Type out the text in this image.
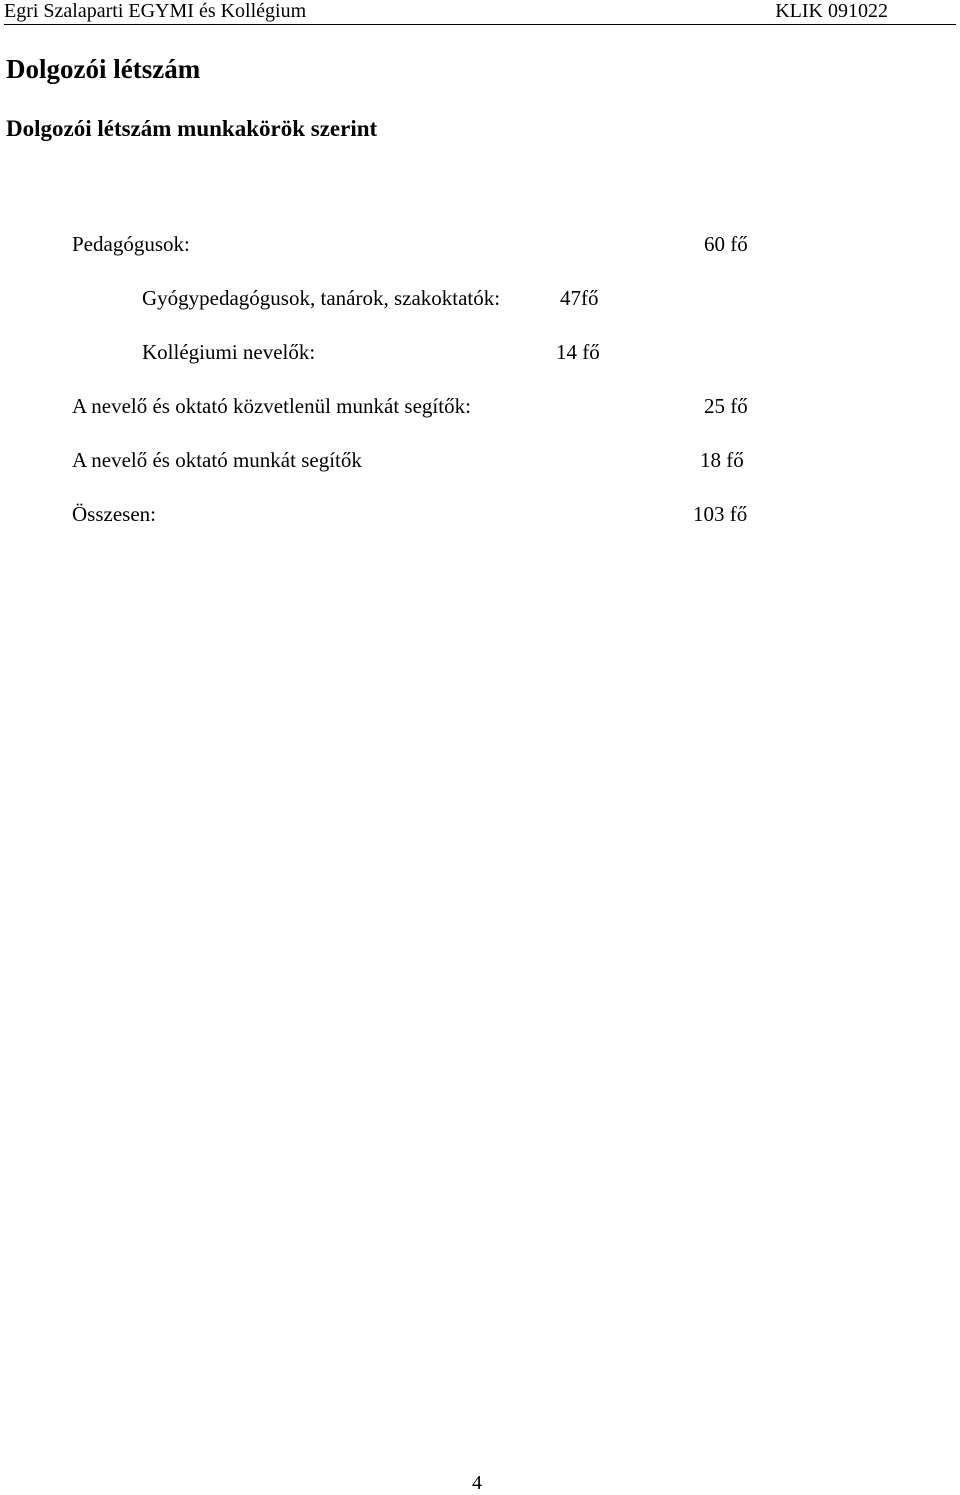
Egri Szalaparti EGYMI és Kollégium	KLIK 091022
Dolgozói létszám
Dolgozói létszám munkakörök szerint
Pedagógusok:	60 fő
Gyógypedagógusok, tanárok, szakoktatók:	47fő
Kollégiumi nevelők:	14 fő
A nevelő és oktató közvetlenül munkát segítők:	25 fő
A nevelő és oktató munkát segítők	18 fő
Összesen:	103 fő
4
